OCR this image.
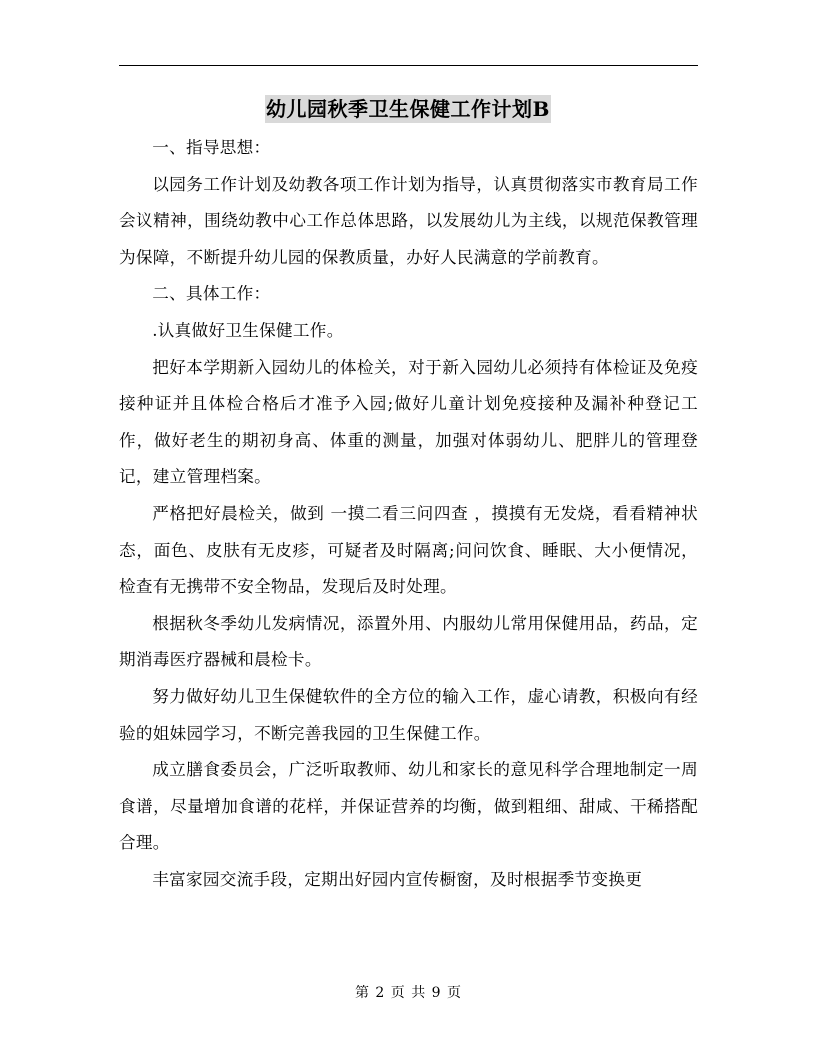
幼儿园秋季卫生保健工作计划B

一、指导思想：

以园务工作计划及幼教各项工作计划为指导，认真贯彻落实市教育局工作会议精神，围绕幼教中心工作总体思路，以发展幼儿为主线，以规范保教管理为保障，不断提升幼儿园的保教质量，办好人民满意的学前教育。

二、具体工作：

.认真做好卫生保健工作。

把好本学期新入园幼儿的体检关，对于新入园幼儿必须持有体检证及免疫接种证并且体检合格后才准予入园;做好儿童计划免疫接种及漏补种登记工作，做好老生的期初身高、体重的测量，加强对体弱幼儿、肥胖儿的管理登记，建立管理档案。

严格把好晨检关，做到 一摸二看三问四查 ，摸摸有无发烧，看看精神状态，面色、皮肤有无皮疹，可疑者及时隔离;问问饮食、睡眠、大小便情况，检查有无携带不安全物品，发现后及时处理。

根据秋冬季幼儿发病情况，添置外用、内服幼儿常用保健用品，药品，定期消毒医疗器械和晨检卡。

努力做好幼儿卫生保健软件的全方位的输入工作，虚心请教，积极向有经验的姐妹园学习，不断完善我园的卫生保健工作。

成立膳食委员会，广泛听取教师、幼儿和家长的意见科学合理地制定一周食谱，尽量增加食谱的花样，并保证营养的均衡，做到粗细、甜咸、干稀搭配合理。

丰富家园交流手段，定期出好园内宣传橱窗，及时根据季节变换更

第 2 页 共 9 页
